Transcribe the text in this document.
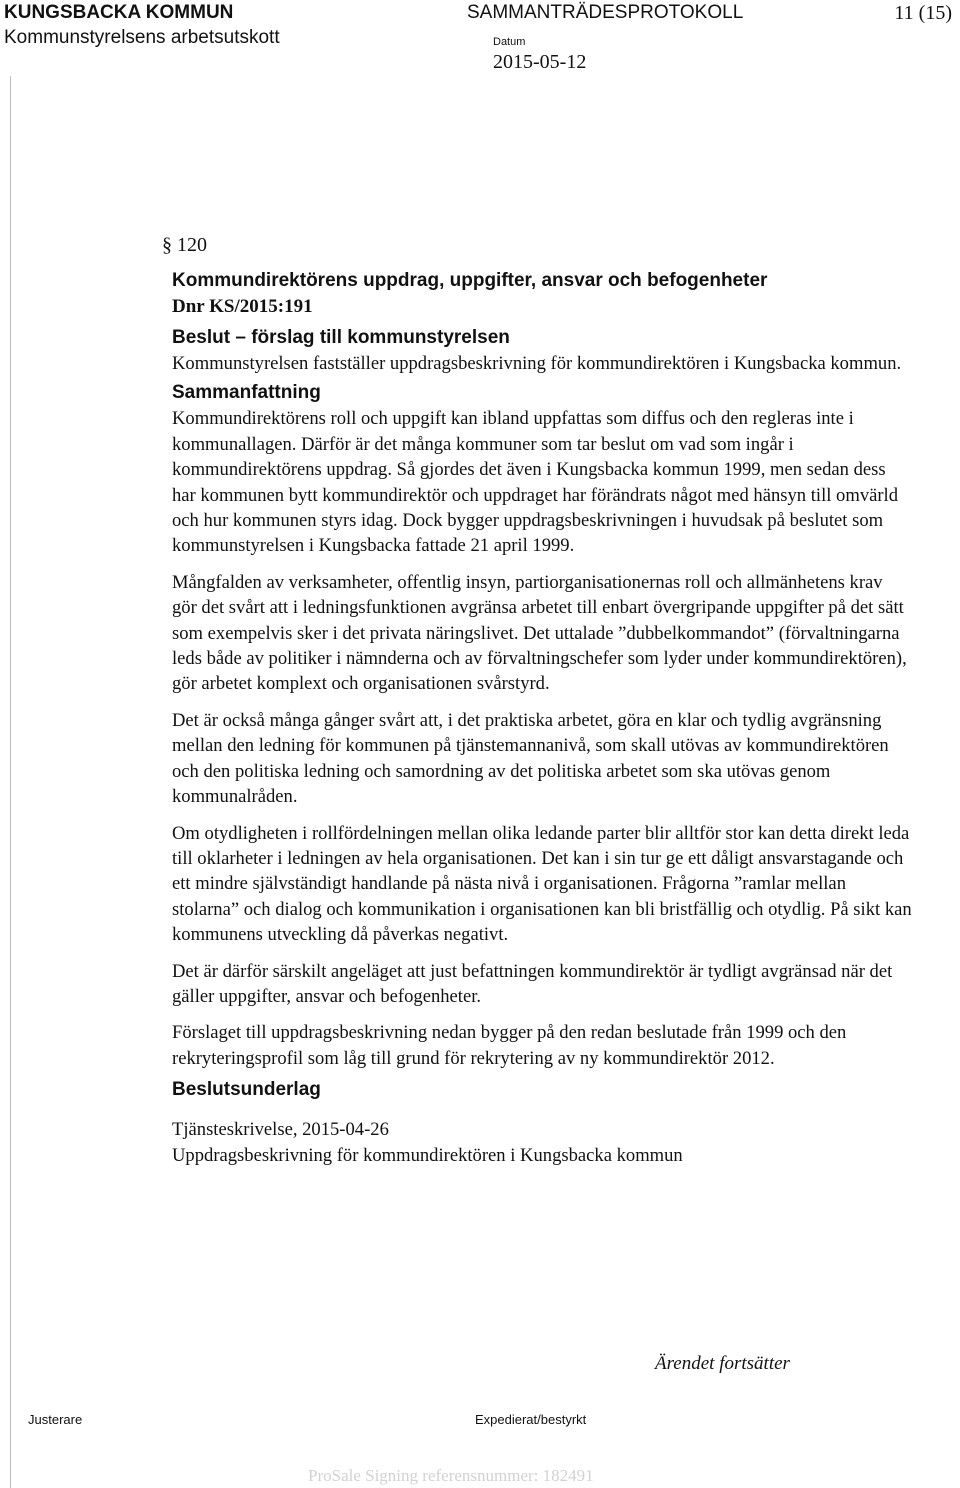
KUNGSBACKA KOMMUN
Kommunstyrelsens arbetsutskott
SAMMANTRÄDESPROTOKOLL	11 (15)
Datum
2015-05-12
§ 120
Kommundirektörens uppdrag, uppgifter, ansvar och befogenheter
Dnr KS/2015:191
Beslut – förslag till kommunstyrelsen
Kommunstyrelsen fastställer uppdragsbeskrivning för kommundirektören i Kungsbacka kommun.
Sammanfattning
Kommundirektörens roll och uppgift kan ibland uppfattas som diffus och den regleras inte i kommunallagen. Därför är det många kommuner som tar beslut om vad som ingår i kommundirektörens uppdrag. Så gjordes det även i Kungsbacka kommun 1999, men sedan dess har kommunen bytt kommundirektör och uppdraget har förändrats något med hänsyn till omvärld och hur kommunen styrs idag. Dock bygger uppdragsbeskrivningen i huvudsak på beslutet som kommunstyrelsen i Kungsbacka fattade 21 april 1999.
Mångfalden av verksamheter, offentlig insyn, partiorganisationernas roll och allmänhetens krav gör det svårt att i ledningsfunktionen avgränsa arbetet till enbart övergripande uppgifter på det sätt som exempelvis sker i det privata näringslivet. Det uttalade ”dubbelkommandot” (förvaltningarna leds både av politiker i nämnderna och av förvaltningschefer som lyder under kommundirektören), gör arbetet komplext och organisationen svårstyrd.
Det är också många gånger svårt att, i det praktiska arbetet, göra en klar och tydlig avgränsning mellan den ledning för kommunen på tjänstemannanivå, som skall utövas av kommundirektören och den politiska ledning och samordning av det politiska arbetet som ska utövas genom kommunalråden.
Om otydligheten i rollfördelningen mellan olika ledande parter blir alltför stor kan detta direkt leda till oklarheter i ledningen av hela organisationen. Det kan i sin tur ge ett dåligt ansvarstagande och ett mindre självständigt handlande på nästa nivå i organisationen. Frågorna ”ramlar mellan stolarna” och dialog och kommunikation i organisationen kan bli bristfällig och otydlig. På sikt kan kommunens utveckling då påverkas negativt.
Det är därför särskilt angeläget att just befattningen kommundirektör är tydligt avgränsad när det gäller uppgifter, ansvar och befogenheter.
Förslaget till uppdragsbeskrivning nedan bygger på den redan beslutade från 1999 och den rekryteringsprofil som låg till grund för rekrytering av ny kommundirektör 2012.
Beslutsunderlag
Tjänsteskrivelse, 2015-04-26
Uppdragsbeskrivning för kommundirektören i Kungsbacka kommun
Ärendet fortsätter
Justerare	Expedierat/bestyrkt
ProSale Signing referensnummer: 182491
